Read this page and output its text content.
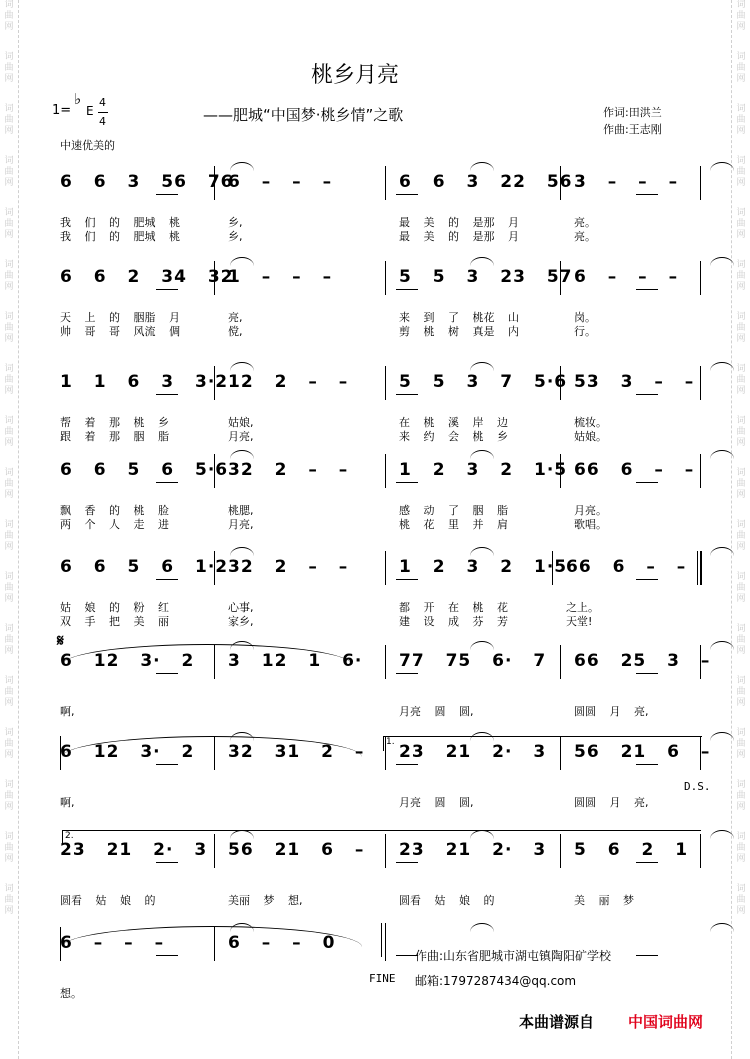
词
曲
网
词
曲
网
词
曲
网
词
曲
网
词
曲
网
词
曲
网
词
曲
网
词
曲
网
词
曲
网
词
曲
网
词
曲
网
词
曲
网
词
曲
网
词
曲
网
词
曲
网
词
曲
网
词
曲
网
词
曲
网
词
曲
网
词
曲
网
词
曲
网
词
曲
网
词
曲
网
词
曲
网
词
曲
网
词
曲
网
词
曲
网
词
曲
网
词
曲
网
词
曲
网
词
曲
网
词
曲
网
词
曲
网
词
曲
网
词
曲
网
词
曲
网
桃乡月亮
1=
♭
E
4
4
中速优美的
——肥城“中国梦·桃乡情”之歌	作词:田洪兰
作曲:王志刚
6 6 3 56 76
我 们 的 肥城 桃
我 们 的 肥城 桃
6 – – –
乡,
乡,
6 6 3 22 56
最 美 的 是那 月
最 美 的 是那 月
3 – – –
亮。
亮。
6 6 2 34 32
天 上 的 胭脂 月
帅 哥 哥 风流 倜
1 – – –
亮,
傥,
5 5 3 23 57
来 到 了 桃花 山
剪 桃 树 真是 内
6 – – –
岗。
行。
1 1 6 3 3·2
帮 着 那 桃 乡
跟 着 那 胭 脂
12 2 – –
姑娘,
月亮,
5 5 3 7 5·6
在 桃 溪 岸 边
来 约 会 桃 乡
53 3 – –
梳妆。
姑娘。
6 6 5 6 5·6
飘 香 的 桃 脸
两 个 人 走 进
32 2 – –
桃腮,
月亮,
1 2 3 2 1·5
感 动 了 胭 脂
桃 花 里 并 肩
66 6 – –
月亮。
歌唱。
6 6 5 6 1·2
姑 娘 的 粉 红
双 手 把 美 丽
32 2 – –
心事,
家乡,
1 2 3 2 1·5
都 开 在 桃 花
建 设 成 芬 芳
66 6 – –
之上。
天堂!
6 12 3· 2
啊,
3 12 1 6·	77 75 6· 7
月亮 圆 圆,
66 25 3 –
圆圆 月 亮,
6 12 3· 2
啊,
32 31 2 –	23 21 2· 3
月亮 圆 圆,
56 21 6 –
圆圆 月 亮,
23 21 2· 3
圆看 姑 娘 的
56 21 6 –
美丽 梦 想,
23 21 2· 3
圆看 姑 娘 的
5 6 2 1
美 丽 梦
6 – – –
想。
6 – – 0
𝄋
1.
2.
D.S.
FINE
作曲:山东省肥城市湖屯镇陶阳矿学校
邮箱:1797287434@qq.com
本曲谱源自 中国词曲网
